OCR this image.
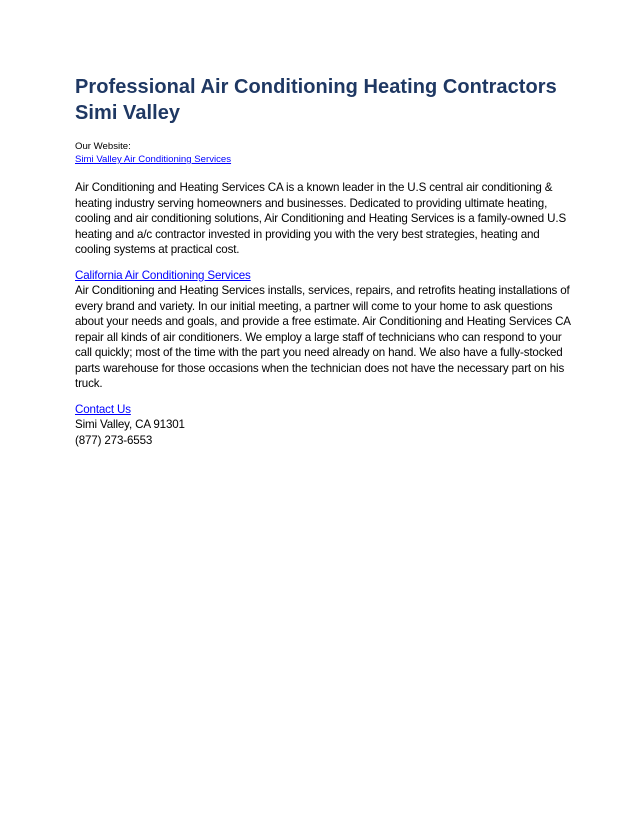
Professional Air Conditioning Heating Contractors
Simi Valley
Our Website:
Simi Valley Air Conditioning Services

Air Conditioning and Heating Services CA is a known leader in the U.S central air conditioning & heating industry serving homeowners and businesses. Dedicated to providing ultimate heating, cooling and air conditioning solutions, Air Conditioning and Heating Services is a family-owned U.S heating and a/c contractor invested in providing you with the very best strategies, heating and cooling systems at practical cost.

California Air Conditioning Services

Air Conditioning and Heating Services installs, services, repairs, and retrofits heating installations of every brand and variety. In our initial meeting, a partner will come to your home to ask questions about your needs and goals, and provide a free estimate. Air Conditioning and Heating Services CA repair all kinds of air conditioners. We employ a large staff of technicians who can respond to your call quickly; most of the time with the part you need already on hand. We also have a fully-stocked parts warehouse for those occasions when the technician does not have the necessary part on his truck.

Contact Us
Simi Valley, CA 91301
(877) 273-6553
